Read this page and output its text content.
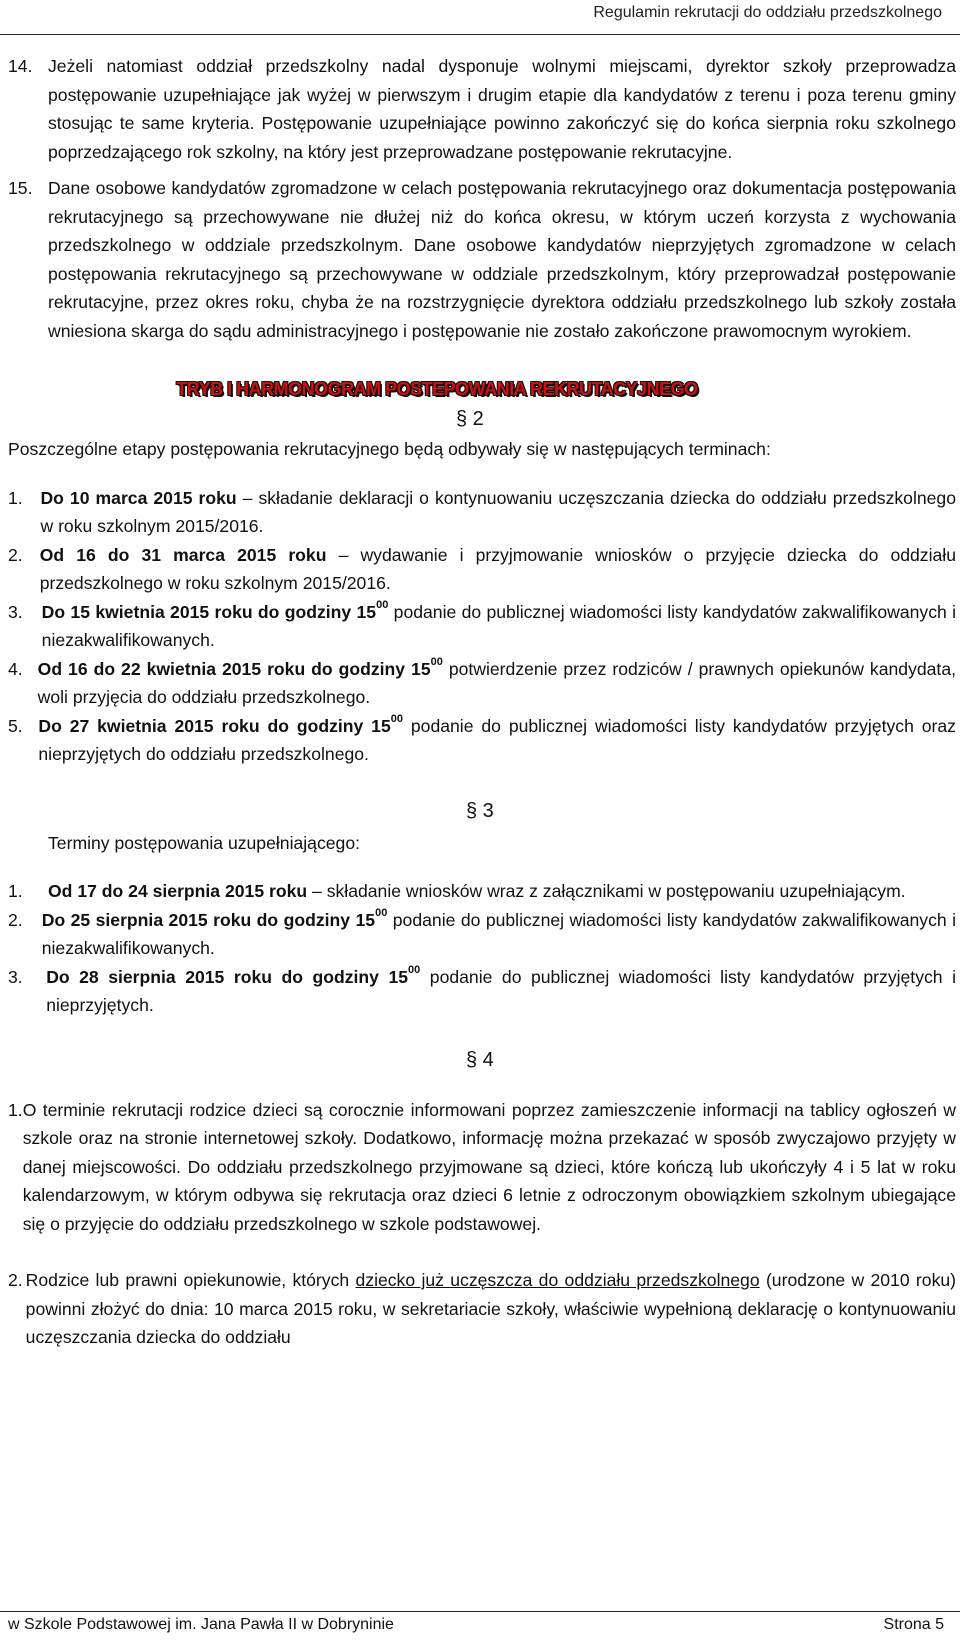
Regulamin rekrutacji do oddziału przedszkolnego
14. Jeżeli natomiast oddział przedszkolny nadal dysponuje wolnymi miejscami, dyrektor szkoły przeprowadza postępowanie uzupełniające jak wyżej w pierwszym i drugim etapie dla kandydatów z terenu i poza terenu gminy stosując te same kryteria. Postępowanie uzupełniające powinno zakończyć się do końca sierpnia roku szkolnego poprzedzającego rok szkolny, na który jest przeprowadzane postępowanie rekrutacyjne.
15. Dane osobowe kandydatów zgromadzone w celach postępowania rekrutacyjnego oraz dokumentacja postępowania rekrutacyjnego są przechowywane nie dłużej niż do końca okresu, w którym uczeń korzysta z wychowania przedszkolnego w oddziale przedszkolnym. Dane osobowe kandydatów nieprzyjętych zgromadzone w celach postępowania rekrutacyjnego są przechowywane w oddziale przedszkolnym, który przeprowadzał postępowanie rekrutacyjne, przez okres roku, chyba że na rozstrzygnięcie dyrektora oddziału przedszkolnego lub szkoły została wniesiona skarga do sądu administracyjnego i postępowanie nie zostało zakończone prawomocnym wyrokiem.
TRYB I HARMONOGRAM POSTEPOWANIA REKRUTACYJNEGO
§ 2
Poszczególne etapy postępowania rekrutacyjnego będą odbywały się w następujących terminach:
1.	Do 10 marca 2015 roku – składanie deklaracji o kontynuowaniu uczęszczania dziecka do oddziału przedszkolnego w roku szkolnym 2015/2016.
2. Od 16 do 31 marca 2015 roku – wydawanie i przyjmowanie wniosków o przyjęcie dziecka do oddziału przedszkolnego w roku szkolnym 2015/2016.
3.	Do 15 kwietnia 2015 roku do godziny $15^{00}$ podanie do publicznej wiadomości listy kandydatów zakwalifikowanych i niezakwalifikowanych.
4. Od 16 do 22 kwietnia 2015 roku do godziny $15^{00}$ potwierdzenie przez rodziców / prawnych opiekunów kandydata, woli przyjęcia do oddziału przedszkolnego.
5. Do 27 kwietnia 2015 roku do godziny $15^{00}$ podanie do publicznej wiadomości listy kandydatów przyjętych oraz nieprzyjętych do oddziału przedszkolnego.
§ 3
Terminy postępowania uzupełniającego:
1.	Od 17 do 24 sierpnia 2015 roku – składanie wniosków wraz z załącznikami w postępowaniu uzupełniającym.
2.	Do 25 sierpnia 2015 roku do godziny $15^{00}$ podanie do publicznej wiadomości listy kandydatów zakwalifikowanych i niezakwalifikowanych.
3.	Do 28 sierpnia 2015 roku do godziny $15^{00}$ podanie do publicznej wiadomości listy kandydatów przyjętych i nieprzyjętych.
§ 4
1. O terminie rekrutacji rodzice dzieci są corocznie informowani poprzez zamieszczenie informacji na tablicy ogłoszeń w szkole oraz na stronie internetowej szkoły. Dodatkowo, informację można przekazać w sposób zwyczajowo przyjęty w danej miejscowości. Do oddziału przedszkolnego przyjmowane są dzieci, które kończą lub ukończyły 4 i 5 lat w roku kalendarzowym, w którym odbywa się rekrutacja oraz dzieci 6 letnie z odroczonym obowiązkiem szkolnym ubiegające się o przyjęcie do oddziału przedszkolnego w szkole podstawowej.
2. Rodzice lub prawni opiekunowie, których dziecko już uczęszcza do oddziału przedszkolnego (urodzone w 2010 roku) powinni złożyć do dnia: 10 marca 2015 roku, w sekretariacie szkoły, właściwie wypełnioną deklarację o kontynuowaniu uczęszczania dziecka do oddziału
w Szkole Podstawowej im. Jana Pawła II w Dobryninie	Strona 5
